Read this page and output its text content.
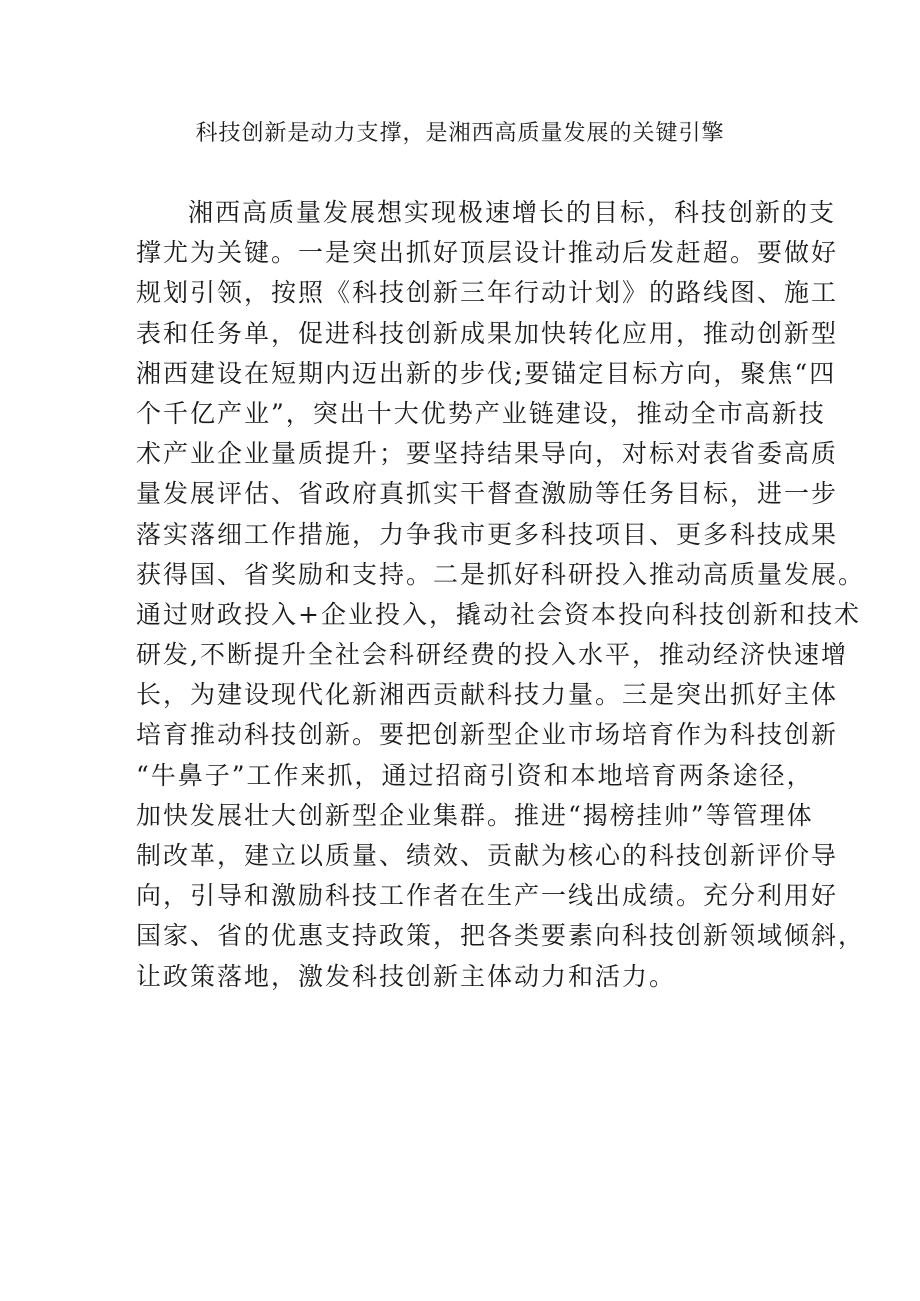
科技创新是动力支撑，是湘西高质量发展的关键引擎
湘西高质量发展想实现极速增长的目标，科技创新的支
撑尤为关键。一是突出抓好顶层设计推动后发赶超。要做好
规划引领，按照《科技创新三年行动计划》的路线图、施工
表和任务单，促进科技创新成果加快转化应用，推动创新型
湘西建设在短期内迈出新的步伐;要锚定目标方向，聚焦“四
个千亿产业”，突出十大优势产业链建设，推动全市高新技
术产业企业量质提升；要坚持结果导向，对标对表省委高质
量发展评估、省政府真抓实干督查激励等任务目标，进一步
落实落细工作措施，力争我市更多科技项目、更多科技成果
获得国、省奖励和支持。二是抓好科研投入推动高质量发展。
通过财政投入+企业投入，撬动社会资本投向科技创新和技术
研发,不断提升全社会科研经费的投入水平，推动经济快速增
长，为建设现代化新湘西贡献科技力量。三是突出抓好主体
培育推动科技创新。要把创新型企业市场培育作为科技创新
“牛鼻子”工作来抓，通过招商引资和本地培育两条途径，
加快发展壮大创新型企业集群。推进“揭榜挂帅”等管理体
制改革，建立以质量、绩效、贡献为核心的科技创新评价导
向，引导和激励科技工作者在生产一线出成绩。充分利用好
国家、省的优惠支持政策，把各类要素向科技创新领域倾斜，
让政策落地，激发科技创新主体动力和活力。
